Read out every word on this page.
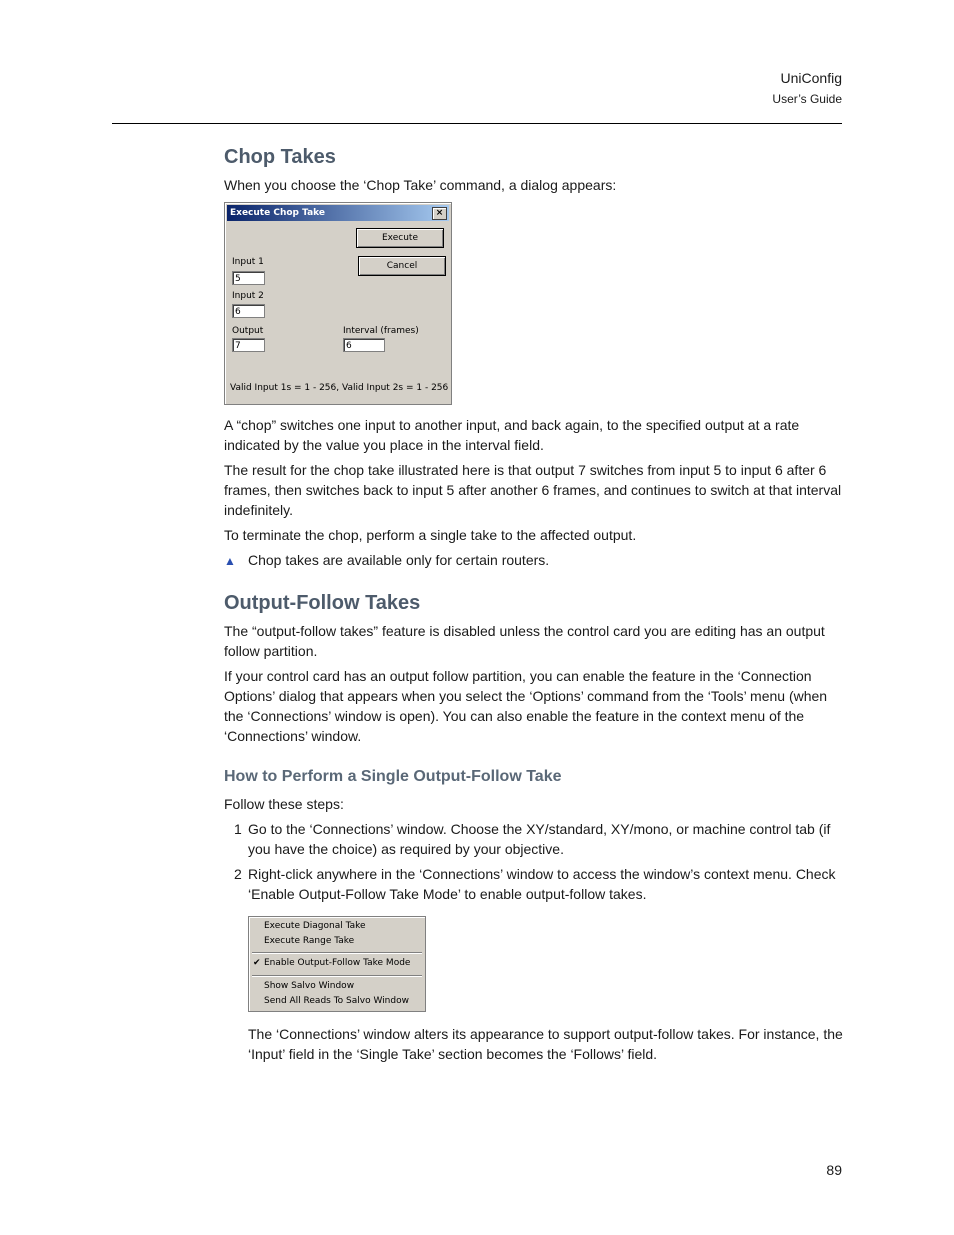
UniConfig
User’s Guide
Chop Takes

When you choose the ‘Chop Take’ command, a dialog appears:

Execute Chop Take	×
Execute
Cancel
Input 1
5
Input 2
6
Output
7
Interval (frames)
6
Valid Input 1s = 1 - 256, Valid Input 2s = 1 - 256

A “chop” switches one input to another input, and back again, to the specified output at a rate indicated by the value you place in the interval field.

The result for the chop take illustrated here is that output 7 switches from input 5 to input 6 after 6 frames, then switches back to input 5 after another 6 frames, and continues to switch at that interval indefinitely.

To terminate the chop, perform a single take to the affected output.

▲ Chop takes are available only for certain routers.
Output-Follow Takes

The “output-follow takes” feature is disabled unless the control card you are editing has an output follow partition.

If your control card has an output follow partition, you can enable the feature in the ‘Connection Options’ dialog that appears when you select the ‘Options’ command from the ‘Tools’ menu (when the ‘Connections’ window is open). You can also enable the feature in the context menu of the ‘Connections’ window.

How to Perform a Single Output-Follow Take

Follow these steps:

1 Go to the ‘Connections’ window. Choose the XY/standard, XY/mono, or machine control tab (if you have the choice) as required by your objective.
2 Right-click anywhere in the ‘Connections’ window to access the window’s context menu. Check ‘Enable Output-Follow Take Mode’ to enable output-follow takes.
Execute Diagonal Take
Execute Range Take
✔ Enable Output-Follow Take Mode
Show Salvo Window
Send All Reads To Salvo Window

The ‘Connections’ window alters its appearance to support output-follow takes. For instance, the ‘Input’ field in the ‘Single Take’ section becomes the ‘Follows’ field.

89
